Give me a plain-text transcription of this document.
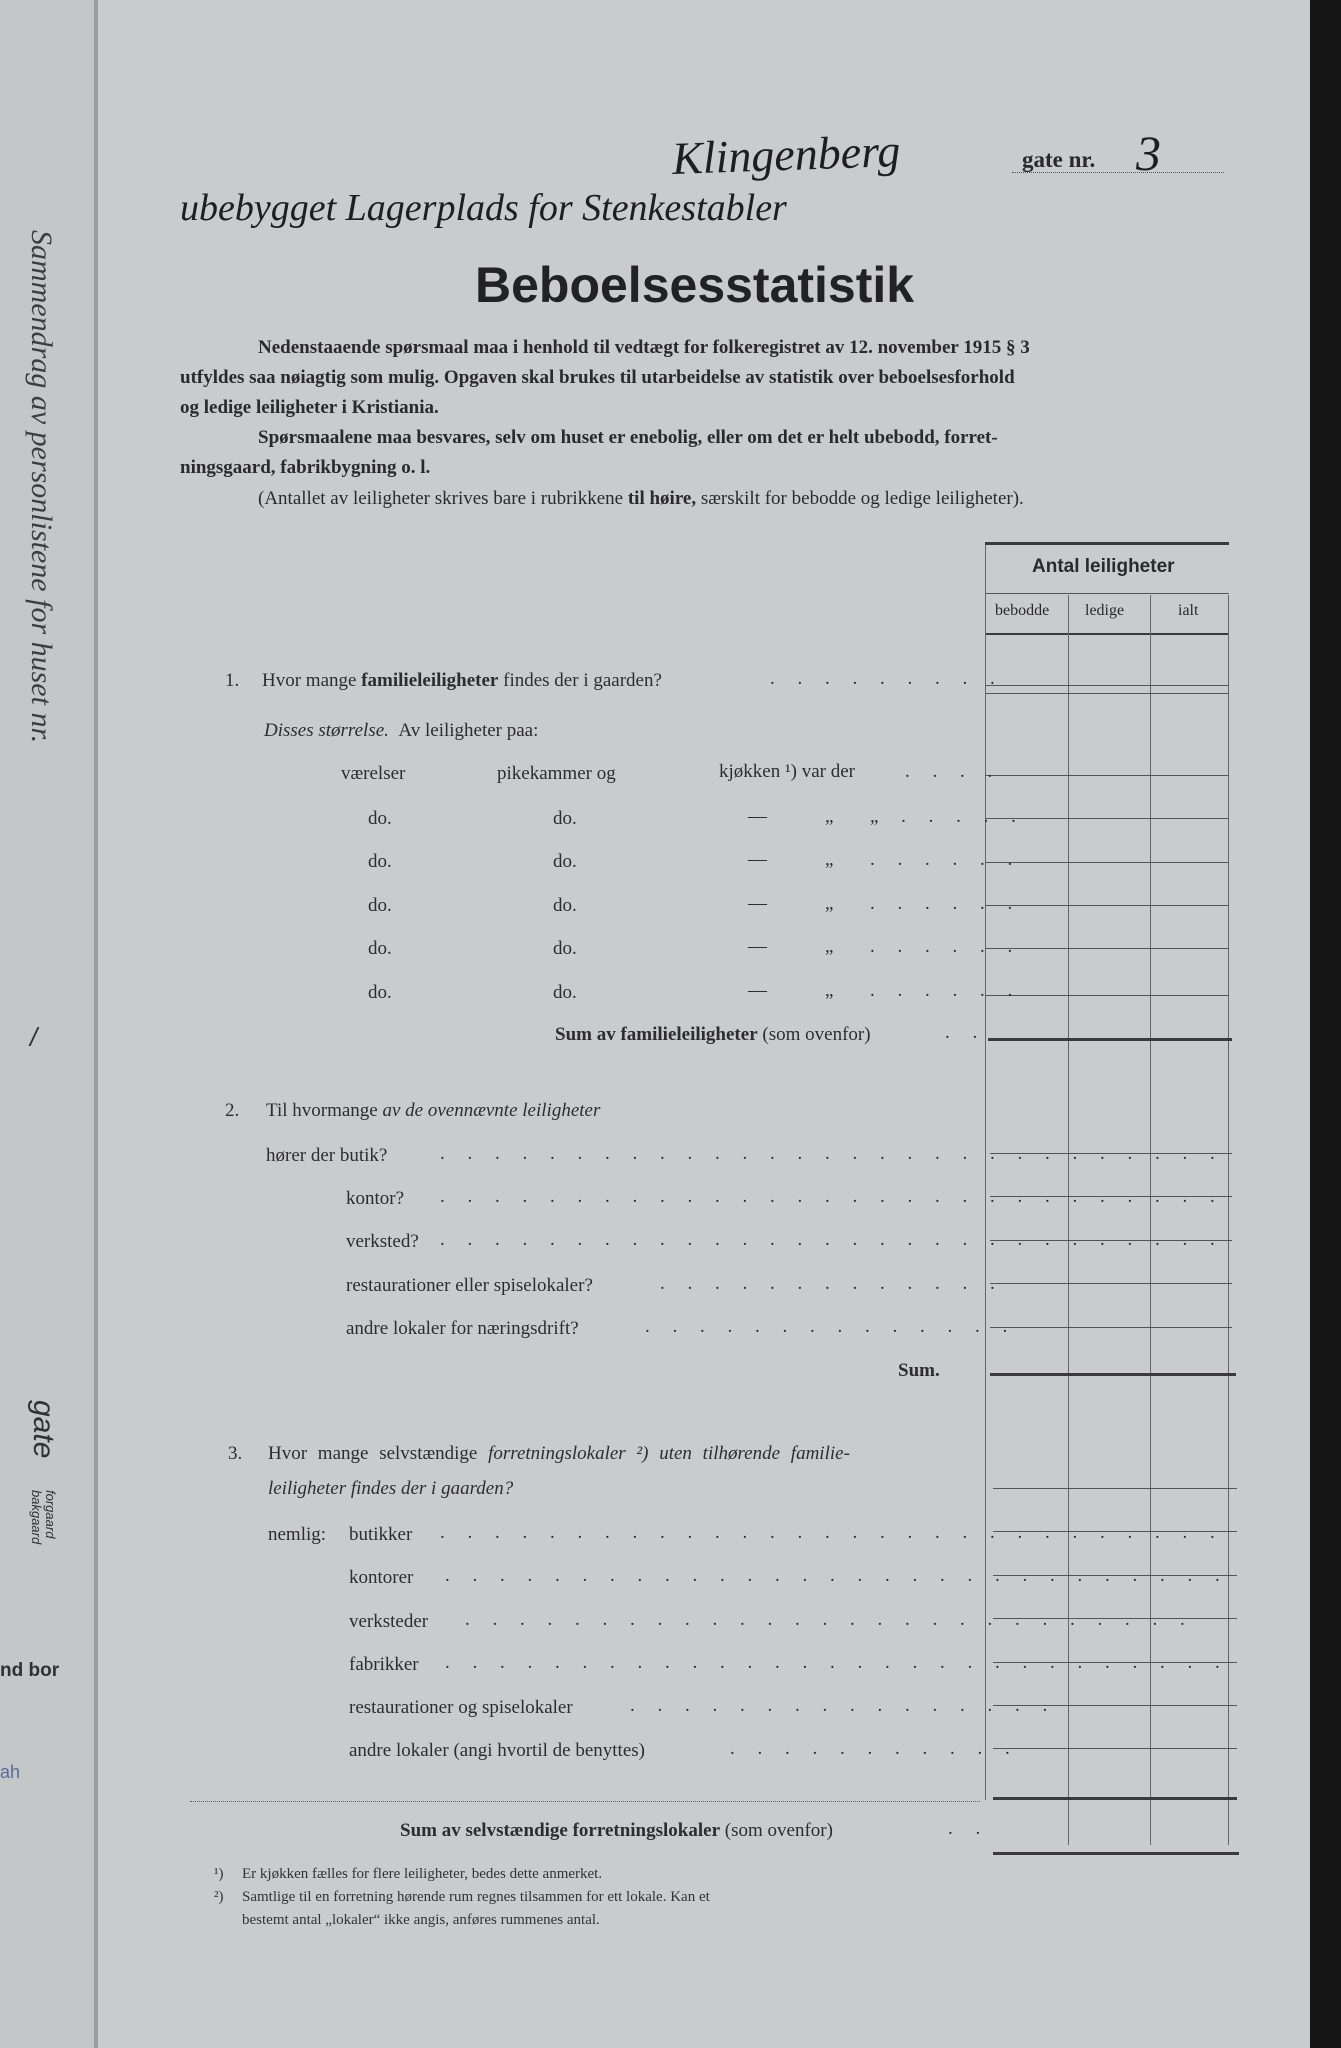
Sammendrag av personlistene for huset nr.
/
gate
forgaard
bakgaard
nd bor
ah
Klingenberg	gate nr. 3
ubebygget Lagerplads for Stenkestabler
Beboelsesstatistik
Nedenstaaende spørsmaal maa i henhold til vedtægt for folkeregistret av 12. november 1915 § 3
utfyldes saa nøiagtig som mulig. Opgaven skal brukes til utarbeidelse av statistik over beboelsesforhold
og ledige leiligheter i Kristiania.
Spørsmaalene maa besvares, selv om huset er enebolig, eller om det er helt ubebodd, forret-
ningsgaard, fabrikbygning o. l.
(Antallet av leiligheter skrives bare i rubrikkene til høire, særskilt for bebodde og ledige leiligheter).
Antal leiligheter
bebodde ledige	ialt
1. Hvor mange familieleiligheter findes der i gaarden?	. . . . . . . . .
Disses størrelse. Av leiligheter paa:
værelser	pikekammer og	kjøkken ¹) var der	. . . .
do.	do.	—	„ „ . . . . .
do.	do.	—	„ . . . . . .
do.	do.	—	„ . . . . . .
do.	do.	—	„ . . . . . .
do.	do.	—	„ . . . . . .
Sum av familieleiligheter (som ovenfor)	. .
2. Til hvormange av de ovennævnte leiligheter
hører der butik?	. . . . . . . . . . . . . . . . . . . . . . . . . . . . .
kontor? . . . . . . . . . . . . . . . . . . . . . . . . . . . . .
verksted? . . . . . . . . . . . . . . . . . . . . . . . . . . . . .
restaurationer eller spiselokaler?	. . . . . . . . . . . . .
andre lokaler for næringsdrift?	. . . . . . . . . . . . . .
Sum.
3. Hvor mange selvstændige forretningslokaler ²) uten tilhørende familie-
leiligheter findes der i gaarden?
nemlig: butikker . . . . . . . . . . . . . . . . . . . . . . . . . . . . .
kontorer . . . . . . . . . . . . . . . . . . . . . . . . . . . . .
verksteder . . . . . . . . . . . . . . . . . . . . . . . . . . .
fabrikker . . . . . . . . . . . . . . . . . . . . . . . . . . . . .
restaurationer og spiselokaler	. . . . . . . . . . . . . . . .
andre lokaler (angi hvortil de benyttes)	. . . . . . . . . . .
Sum av selvstændige forretningslokaler (som ovenfor)	. .
¹) Er kjøkken fælles for flere leiligheter, bedes dette anmerket.
²) Samtlige til en forretning hørende rum regnes tilsammen for ett lokale. Kan et
bestemt antal „lokaler“ ikke angis, anføres rummenes antal.
